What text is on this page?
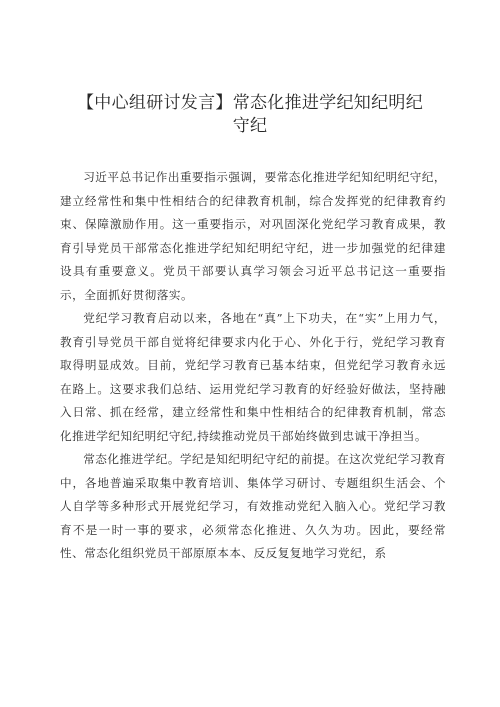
【中心组研讨发言】常态化推进学纪知纪明纪守纪

习近平总书记作出重要指示强调，要常态化推进学纪知纪明纪守纪，建立经常性和集中性相结合的纪律教育机制，综合发挥党的纪律教育约束、保障激励作用。这一重要指示，对巩固深化党纪学习教育成果，教育引导党员干部常态化推进学纪知纪明纪守纪，进一步加强党的纪律建设具有重要意义。党员干部要认真学习领会习近平总书记这一重要指示，全面抓好贯彻落实。

党纪学习教育启动以来，各地在“真”上下功夫，在“实”上用力气，教育引导党员干部自觉将纪律要求内化于心、外化于行，党纪学习教育取得明显成效。目前，党纪学习教育已基本结束，但党纪学习教育永远在路上。这要求我们总结、运用党纪学习教育的好经验好做法，坚持融入日常、抓在经常，建立经常性和集中性相结合的纪律教育机制，常态化推进学纪知纪明纪守纪,持续推动党员干部始终做到忠诚干净担当。

常态化推进学纪。学纪是知纪明纪守纪的前提。在这次党纪学习教育中，各地普遍采取集中教育培训、集体学习研讨、专题组织生活会、个人自学等多种形式开展党纪学习，有效推动党纪入脑入心。党纪学习教育不是一时一事的要求，必须常态化推进、久久为功。因此，要经常性、常态化组织党员干部原原本本、反反复复地学习党纪，系
